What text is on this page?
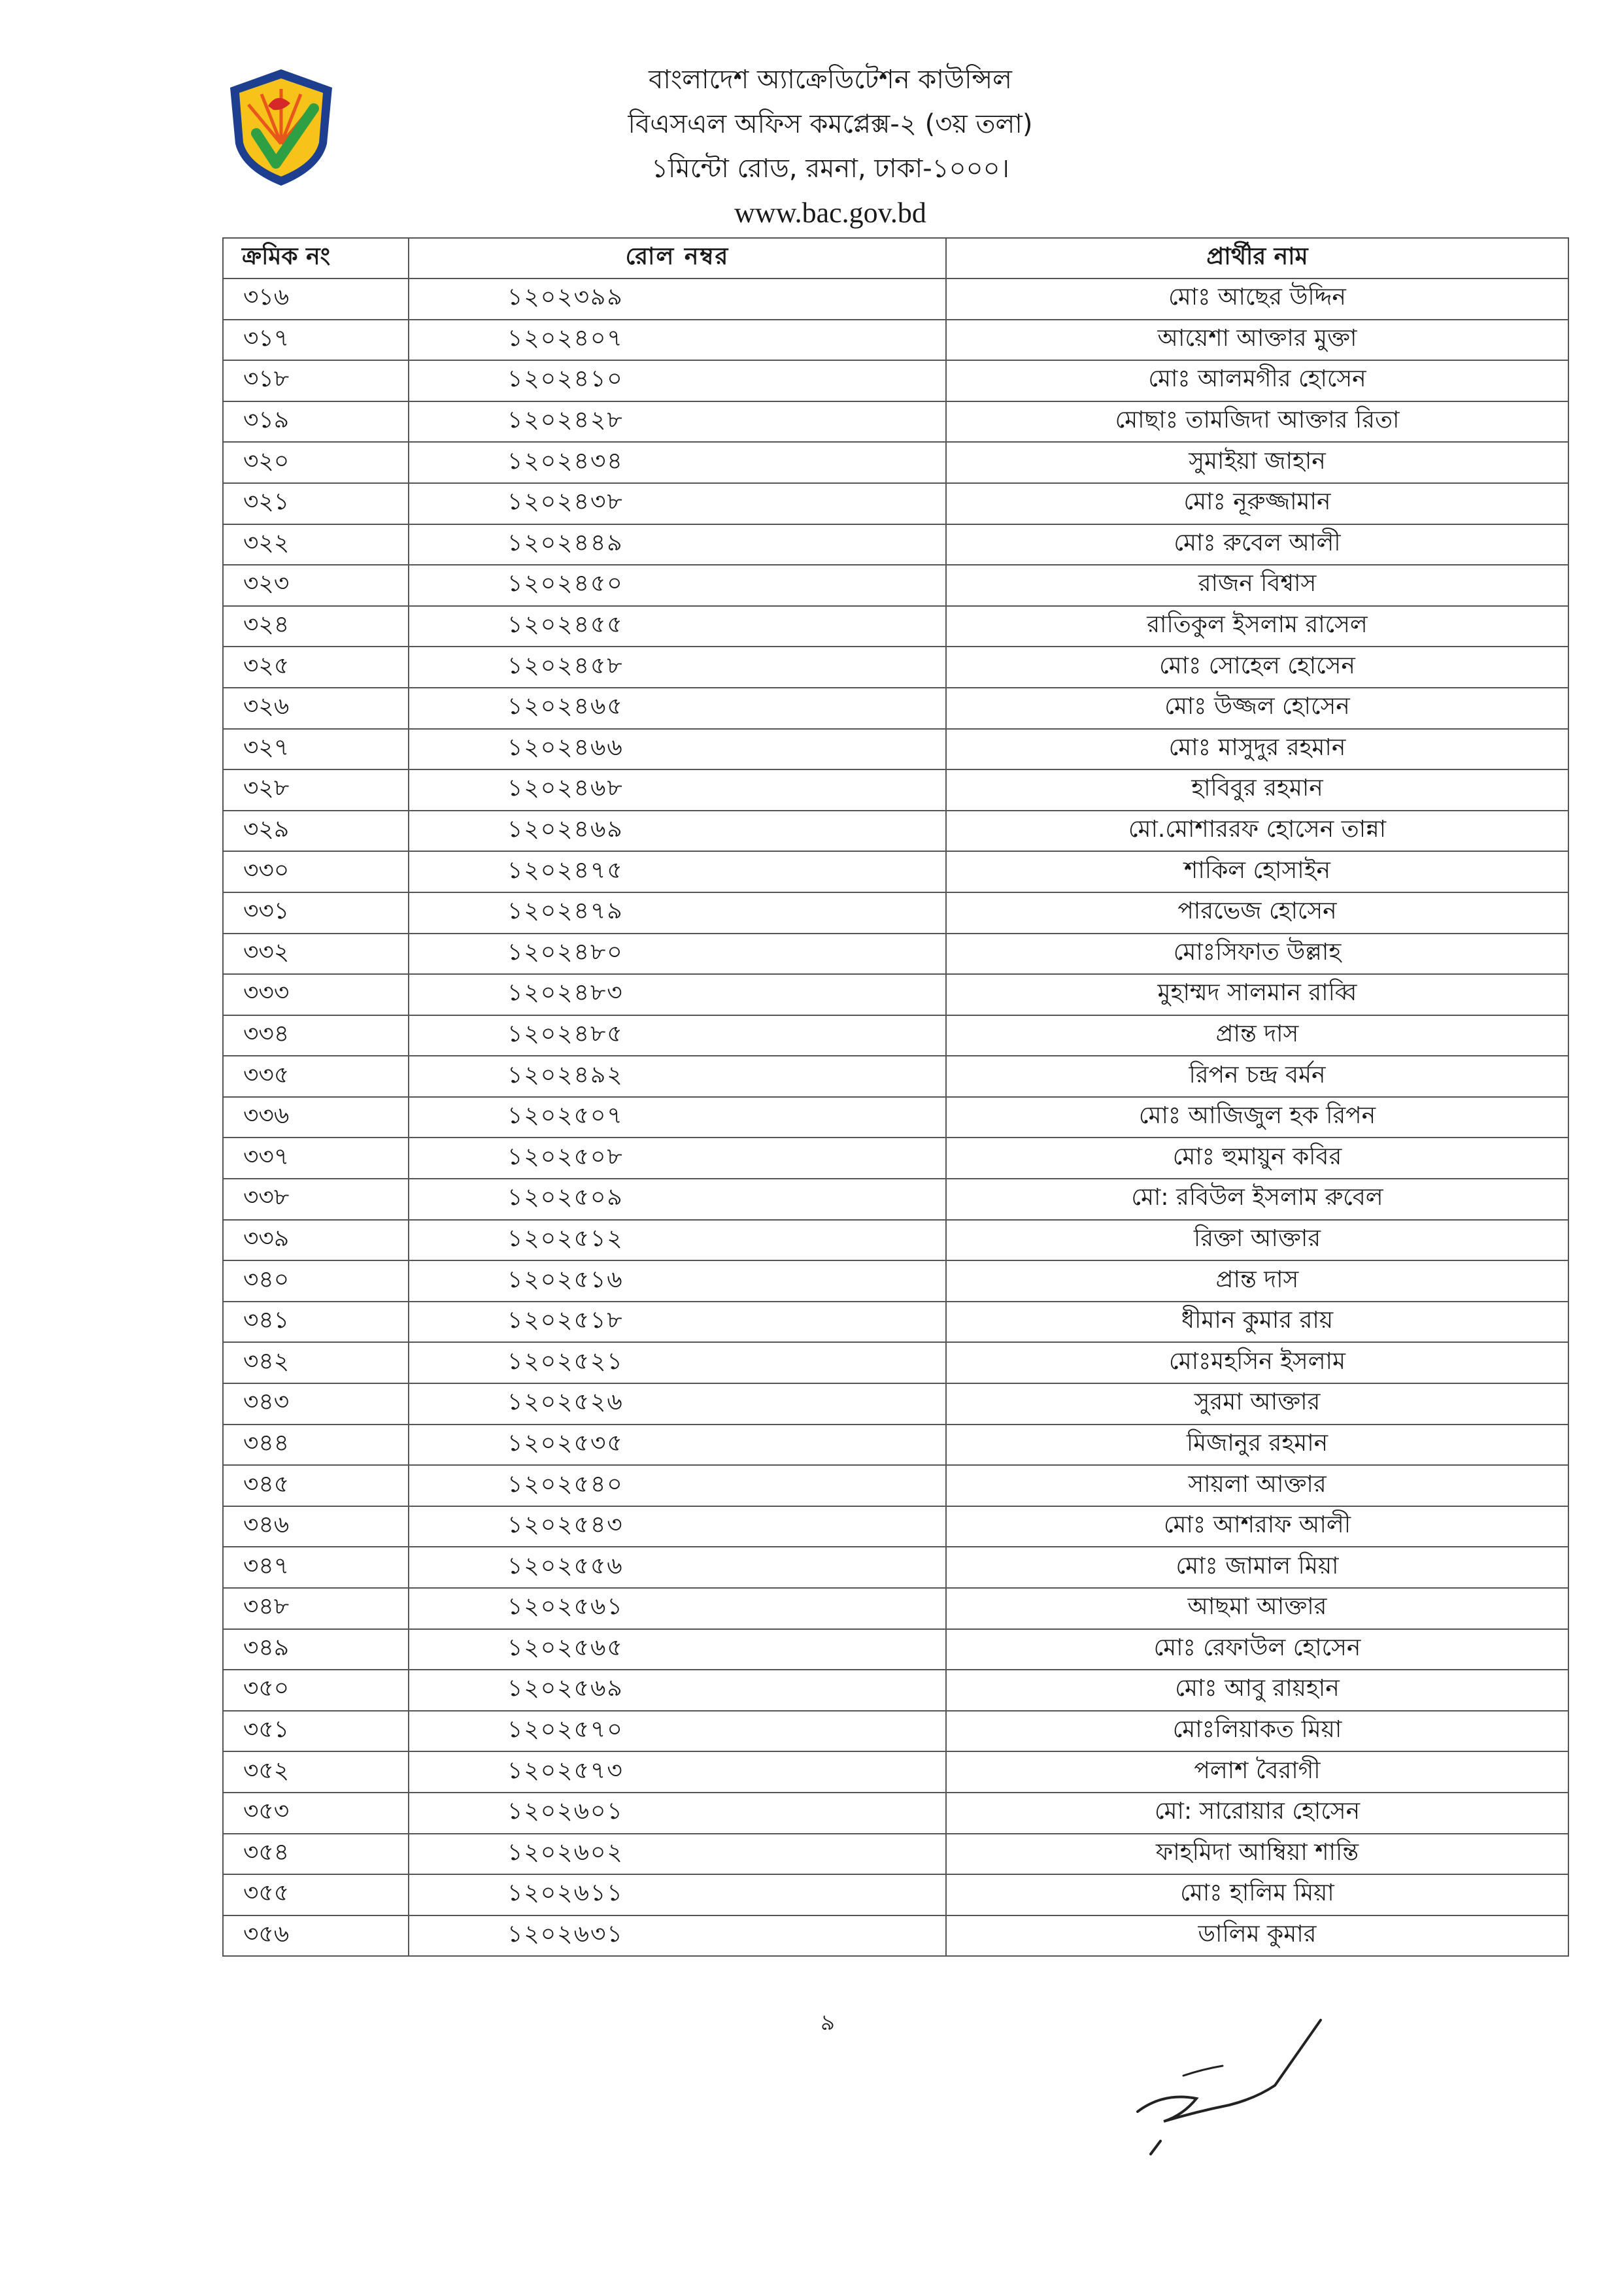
বাংলাদেশ অ্যাক্রেডিটেশন কাউন্সিল
বিএসএল অফিস কমপ্লেক্স-২ (৩য় তলা)
১মিন্টো রোড, রমনা, ঢাকা-১০০০।
www.bac.gov.bd
ক্রমিক নং	রোল নম্বর	প্রার্থীর নাম
৩১৬	১২০২৩৯৯	মোঃ আছের উদ্দিন
৩১৭	১২০২৪০৭	আয়েশা আক্তার মুক্তা
৩১৮	১২০২৪১০	মোঃ আলমগীর হোসেন
৩১৯	১২০২৪২৮	মোছাঃ তামজিদা আক্তার রিতা
৩২০	১২০২৪৩৪	সুমাইয়া জাহান
৩২১	১২০২৪৩৮	মোঃ নূরুজ্জামান
৩২২	১২০২৪৪৯	মোঃ রুবেল আলী
৩২৩	১২০২৪৫০	রাজন বিশ্বাস
৩২৪	১২০২৪৫৫	রাতিকুল ইসলাম রাসেল
৩২৫	১২০২৪৫৮	মোঃ সোহেল হোসেন
৩২৬	১২০২৪৬৫	মোঃ উজ্জল হোসেন
৩২৭	১২০২৪৬৬	মোঃ মাসুদুর রহমান
৩২৮	১২০২৪৬৮	হাবিবুর রহমান
৩২৯	১২০২৪৬৯	মো.মোশাররফ হোসেন তান্না
৩৩০	১২০২৪৭৫	শাকিল হোসাইন
৩৩১	১২০২৪৭৯	পারভেজ হোসেন
৩৩২	১২০২৪৮০	মোঃসিফাত উল্লাহ
৩৩৩	১২০২৪৮৩	মুহাম্মদ সালমান রাব্বি
৩৩৪	১২০২৪৮৫	প্রান্ত দাস
৩৩৫	১২০২৪৯২	রিপন চন্দ্র বর্মন
৩৩৬	১২০২৫০৭	মোঃ আজিজুল হক রিপন
৩৩৭	১২০২৫০৮	মোঃ হুমায়ুন কবির
৩৩৮	১২০২৫০৯	মো: রবিউল ইসলাম রুবেল
৩৩৯	১২০২৫১২	রিক্তা আক্তার
৩৪০	১২০২৫১৬	প্রান্ত দাস
৩৪১	১২০২৫১৮	ধীমান কুমার রায়
৩৪২	১২০২৫২১	মোঃমহসিন ইসলাম
৩৪৩	১২০২৫২৬	সুরমা আক্তার
৩৪৪	১২০২৫৩৫	মিজানুর রহমান
৩৪৫	১২০২৫৪০	সায়লা আক্তার
৩৪৬	১২০২৫৪৩	মোঃ আশরাফ আলী
৩৪৭	১২০২৫৫৬	মোঃ জামাল মিয়া
৩৪৮	১২০২৫৬১	আছমা আক্তার
৩৪৯	১২০২৫৬৫	মোঃ রেফাউল হোসেন
৩৫০	১২০২৫৬৯	মোঃ আবু রায়হান
৩৫১	১২০২৫৭০	মোঃলিয়াকত মিয়া
৩৫২	১২০২৫৭৩	পলাশ বৈরাগী
৩৫৩	১২০২৬০১	মো: সারোয়ার হোসেন
৩৫৪	১২০২৬০২	ফাহমিদা আম্বিয়া শান্তি
৩৫৫	১২০২৬১১	মোঃ হালিম মিয়া
৩৫৬	১২০২৬৩১	ডালিম কুমার
৯
